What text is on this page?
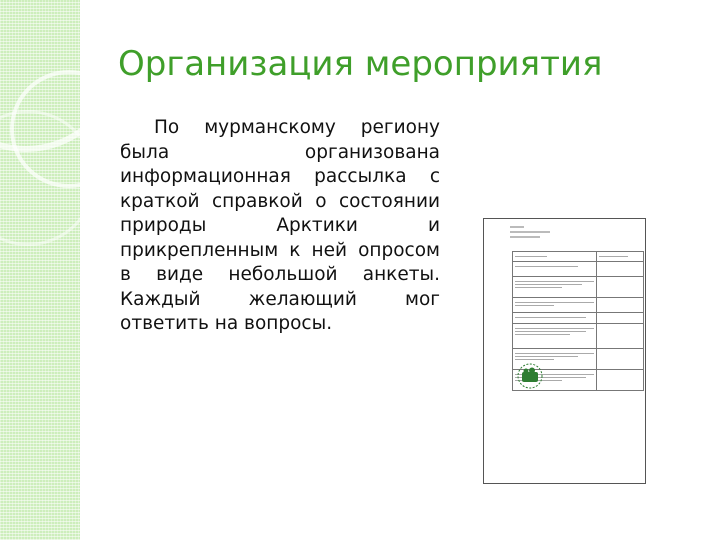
Организация мероприятия

По мурманскому региону была организована информационная рассылка с краткой справкой о состоянии природы Арктики и прикрепленным к ней опросом в виде небольшой анкеты. Каждый желающий мог ответить на вопросы.
